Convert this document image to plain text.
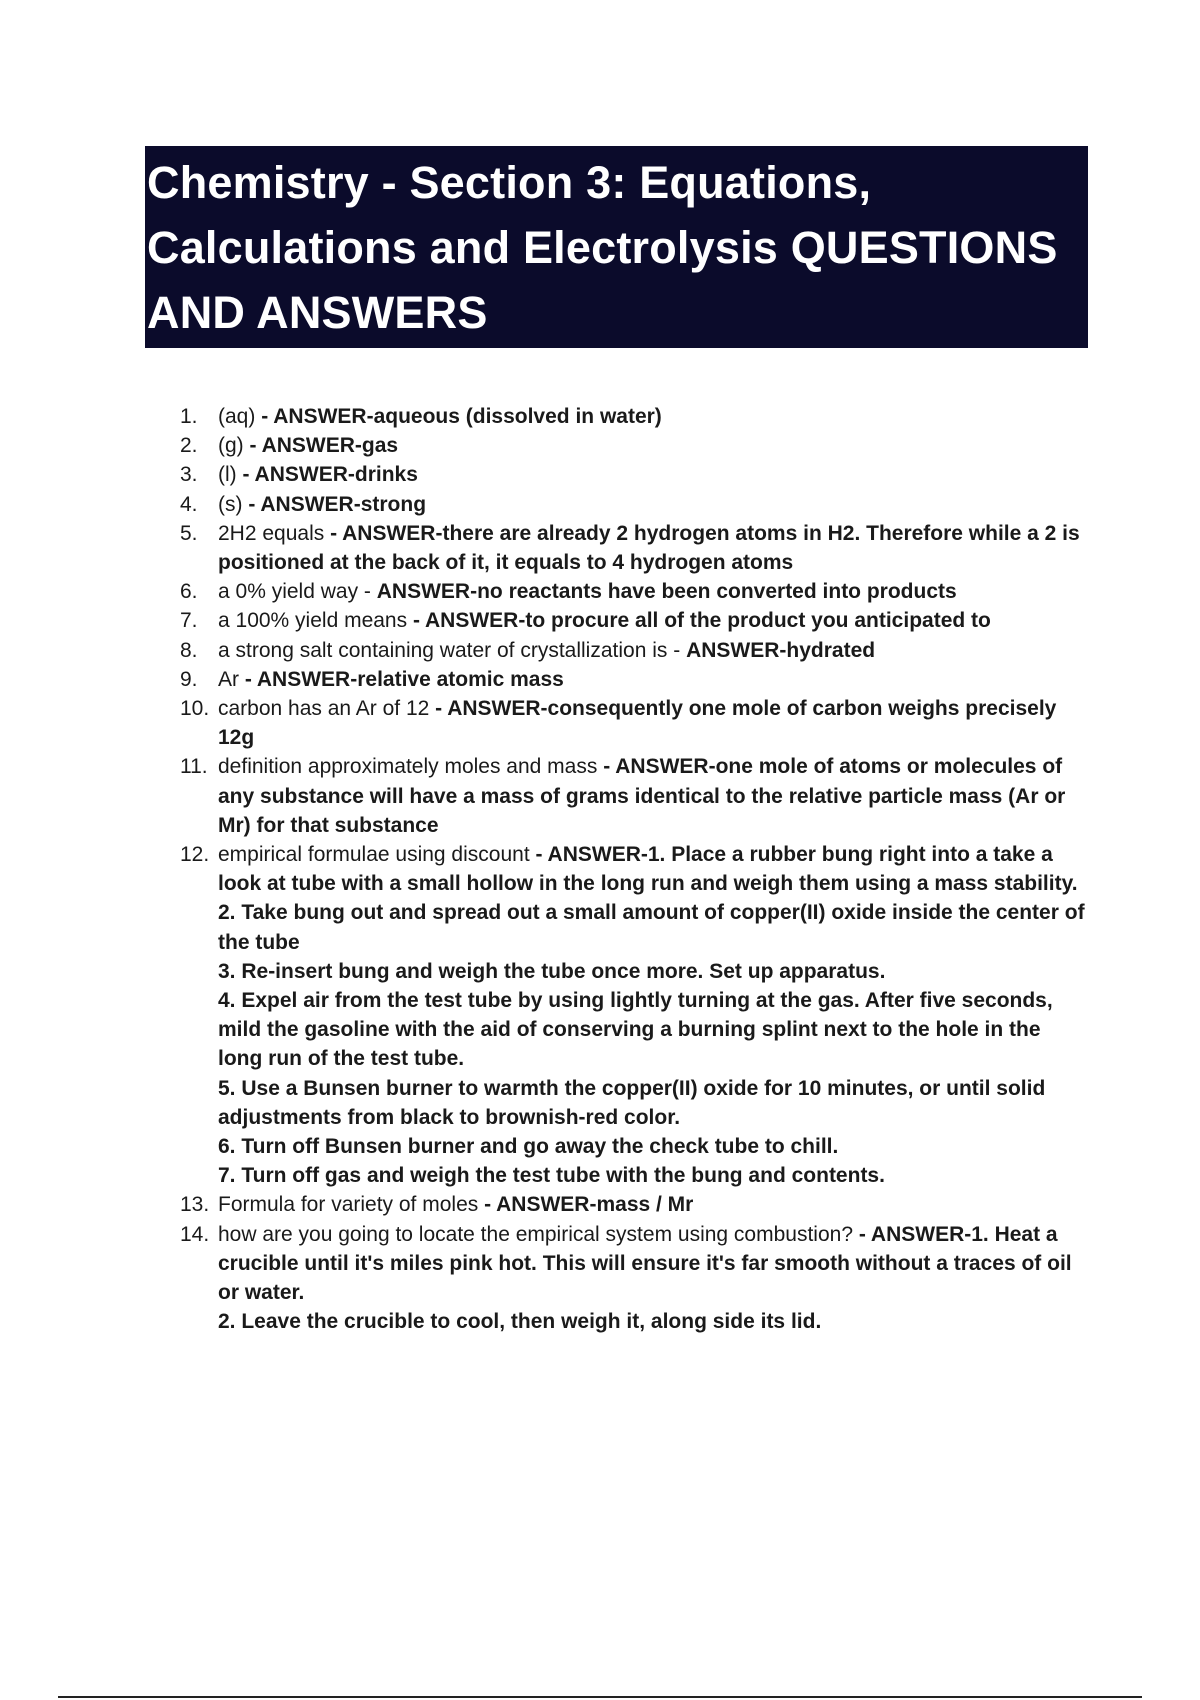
Chemistry - Section 3: Equations, Calculations and Electrolysis QUESTIONS AND ANSWERS
1. (aq) - ANSWER-aqueous (dissolved in water)
2. (g) - ANSWER-gas
3. (l) - ANSWER-drinks
4. (s) - ANSWER-strong
5. 2H2 equals - ANSWER-there are already 2 hydrogen atoms in H2. Therefore while a 2 is positioned at the back of it, it equals to 4 hydrogen atoms
6. a 0% yield way - ANSWER-no reactants have been converted into products
7. a 100% yield means - ANSWER-to procure all of the product you anticipated to
8. a strong salt containing water of crystallization is - ANSWER-hydrated
9. Ar - ANSWER-relative atomic mass
10. carbon has an Ar of 12 - ANSWER-consequently one mole of carbon weighs precisely 12g
11. definition approximately moles and mass - ANSWER-one mole of atoms or molecules of any substance will have a mass of grams identical to the relative particle mass (Ar or Mr) for that substance
12. empirical formulae using discount - ANSWER-1. Place a rubber bung right into a take a look at tube with a small hollow in the long run and weigh them using a mass stability.
2. Take bung out and spread out a small amount of copper(II) oxide inside the center of the tube
3. Re-insert bung and weigh the tube once more. Set up apparatus.
4. Expel air from the test tube by using lightly turning at the gas. After five seconds, mild the gasoline with the aid of conserving a burning splint next to the hole in the long run of the test tube.
5. Use a Bunsen burner to warmth the copper(II) oxide for 10 minutes, or until solid adjustments from black to brownish-red color.
6. Turn off Bunsen burner and go away the check tube to chill.
7. Turn off gas and weigh the test tube with the bung and contents.
13. Formula for variety of moles - ANSWER-mass / Mr
14. how are you going to locate the empirical system using combustion? - ANSWER-1. Heat a crucible until it's miles pink hot. This will ensure it's far smooth without a traces of oil or water.
2. Leave the crucible to cool, then weigh it, along side its lid.
